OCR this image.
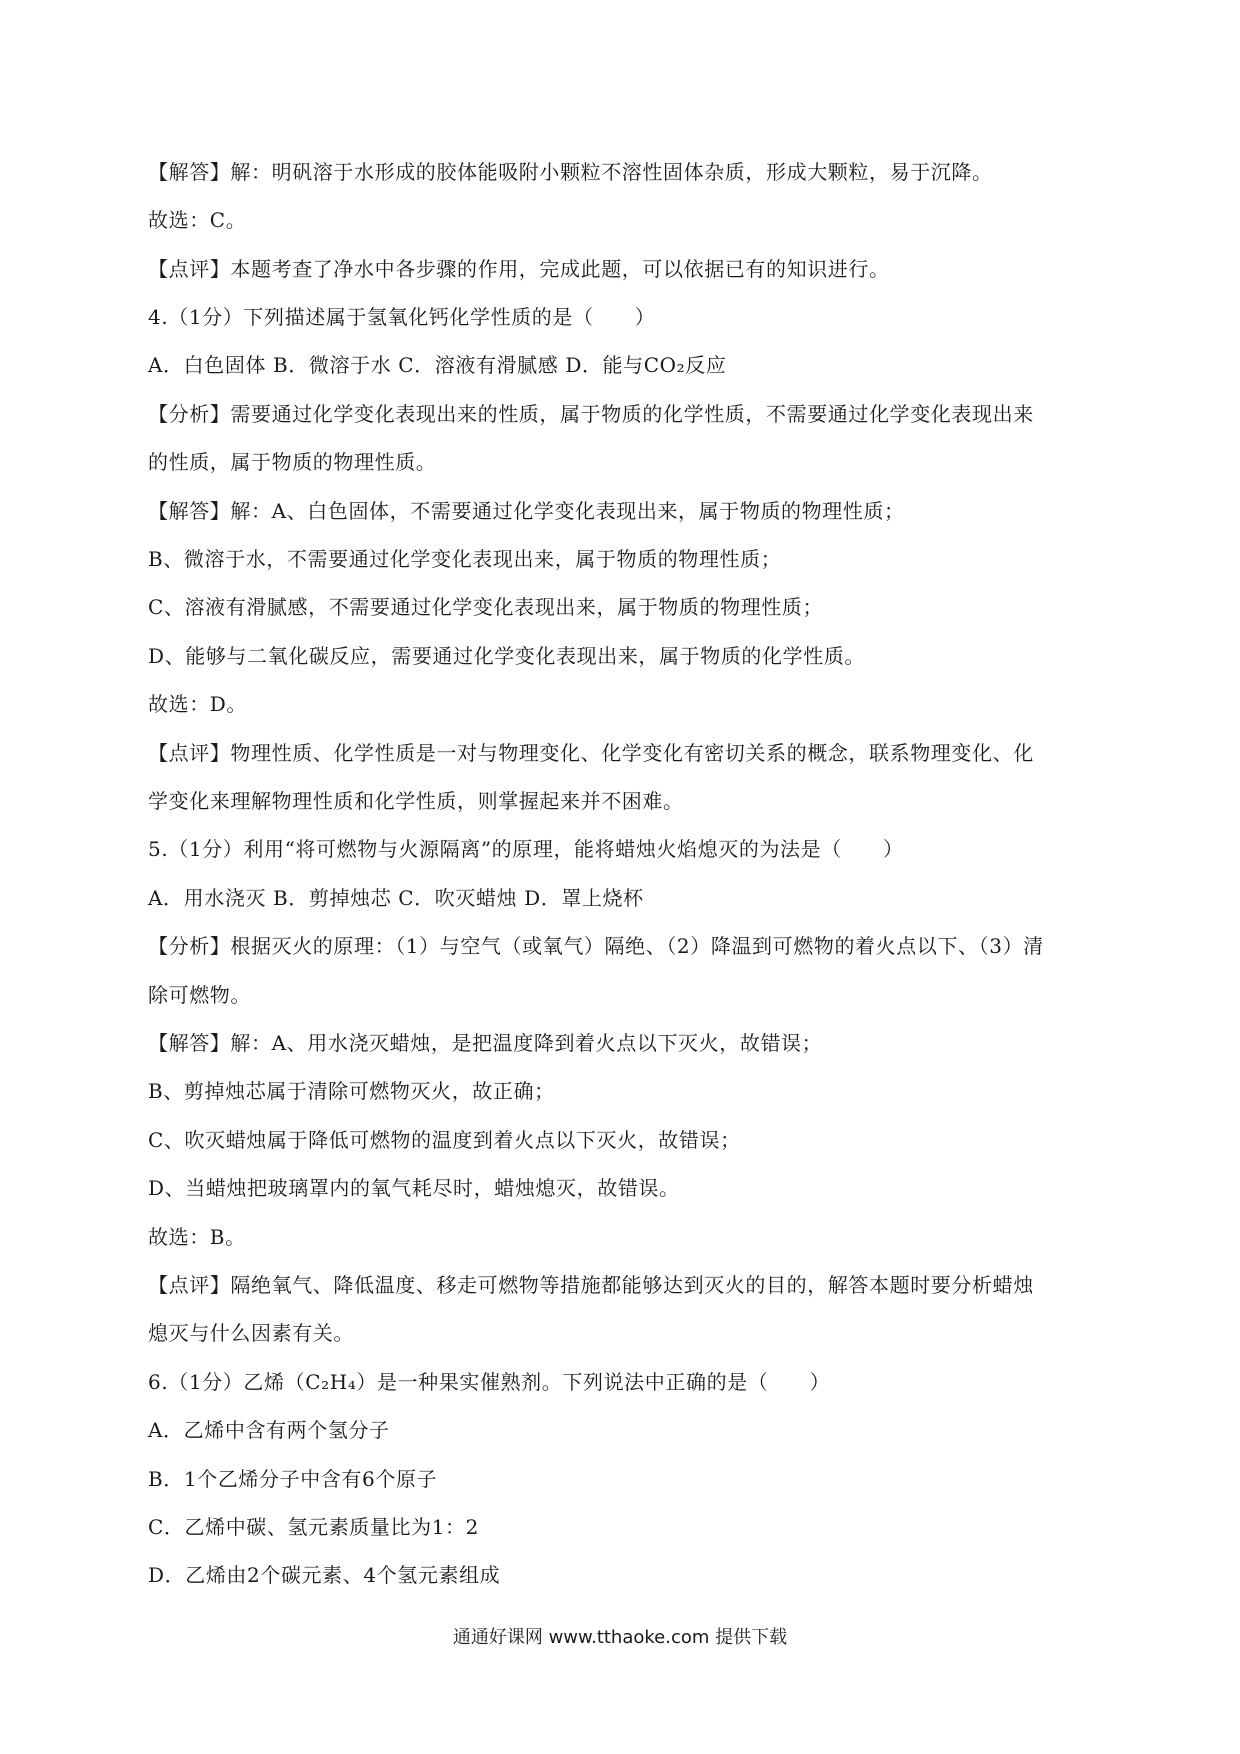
【解答】解：明矾溶于水形成的胶体能吸附小颗粒不溶性固体杂质，形成大颗粒，易于沉降。
故选：C。
【点评】本题考查了净水中各步骤的作用，完成此题，可以依据已有的知识进行。
4.（1分）下列描述属于氢氧化钙化学性质的是（　　）
A．白色固体 B．微溶于水 C．溶液有滑腻感 D．能与CO₂反应
【分析】需要通过化学变化表现出来的性质，属于物质的化学性质，不需要通过化学变化表现出来
的性质，属于物质的物理性质。
【解答】解：A、白色固体，不需要通过化学变化表现出来，属于物质的物理性质；
B、微溶于水，不需要通过化学变化表现出来，属于物质的物理性质；
C、溶液有滑腻感，不需要通过化学变化表现出来，属于物质的物理性质；
D、能够与二氧化碳反应，需要通过化学变化表现出来，属于物质的化学性质。
故选：D。
【点评】物理性质、化学性质是一对与物理变化、化学变化有密切关系的概念，联系物理变化、化
学变化来理解物理性质和化学性质，则掌握起来并不困难。
5.（1分）利用“将可燃物与火源隔离”的原理，能将蜡烛火焰熄灭的为法是（　　）
A．用水浇灭 B．剪掉烛芯 C．吹灭蜡烛 D．罩上烧杯
【分析】根据灭火的原理：（1）与空气（或氧气）隔绝、（2）降温到可燃物的着火点以下、（3）清
除可燃物。
【解答】解：A、用水浇灭蜡烛，是把温度降到着火点以下灭火，故错误；
B、剪掉烛芯属于清除可燃物灭火，故正确；
C、吹灭蜡烛属于降低可燃物的温度到着火点以下灭火，故错误；
D、当蜡烛把玻璃罩内的氧气耗尽时，蜡烛熄灭，故错误。
故选：B。
【点评】隔绝氧气、降低温度、移走可燃物等措施都能够达到灭火的目的，解答本题时要分析蜡烛
熄灭与什么因素有关。
6.（1分）乙烯（C₂H₄）是一种果实催熟剂。下列说法中正确的是（　　）
A．乙烯中含有两个氢分子
B．1个乙烯分子中含有6个原子
C．乙烯中碳、氢元素质量比为1：2
D．乙烯由2个碳元素、4个氢元素组成
通通好课网 www.tthaoke.com 提供下载
